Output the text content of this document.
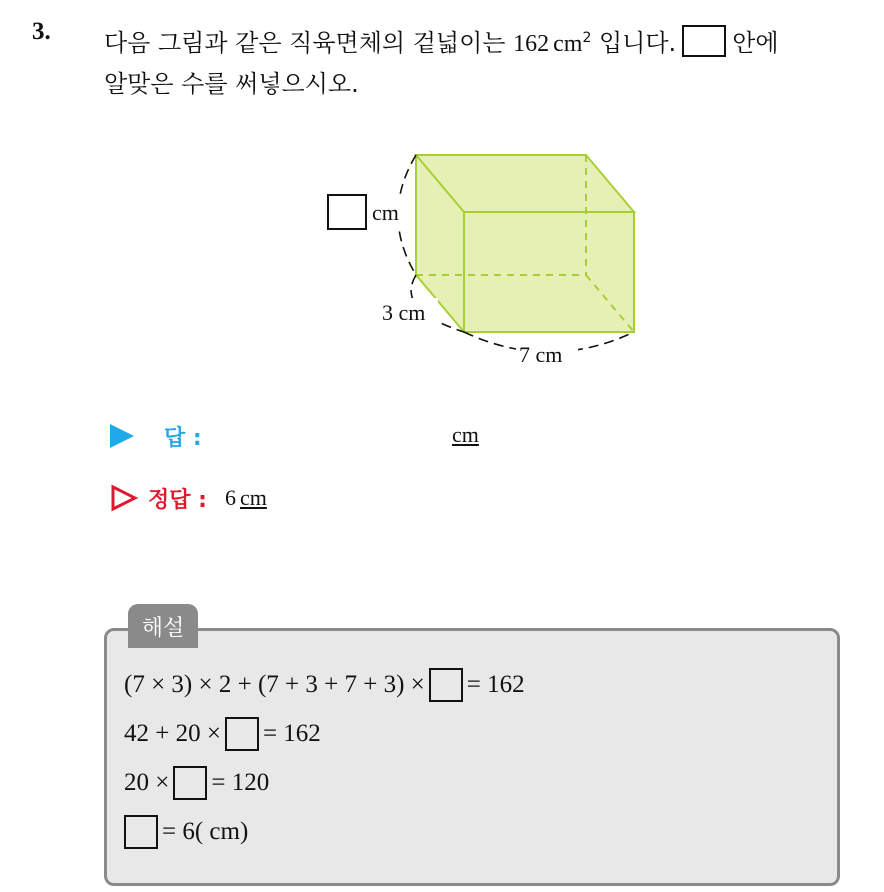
3. 다음 그림과 같은 직육면체의 겉넓이는 162 $cm^2$ 입니다. 안에
알맞은 수를 써넣으시오.
cm
3 cm
7 cm
답 :	cm
정답 : 6 cm
해설
(7 × 3) × 2 + (7 + 3 + 7 + 3) × = 162
42 + 20 × = 162
20 × = 120
= 6( cm)
